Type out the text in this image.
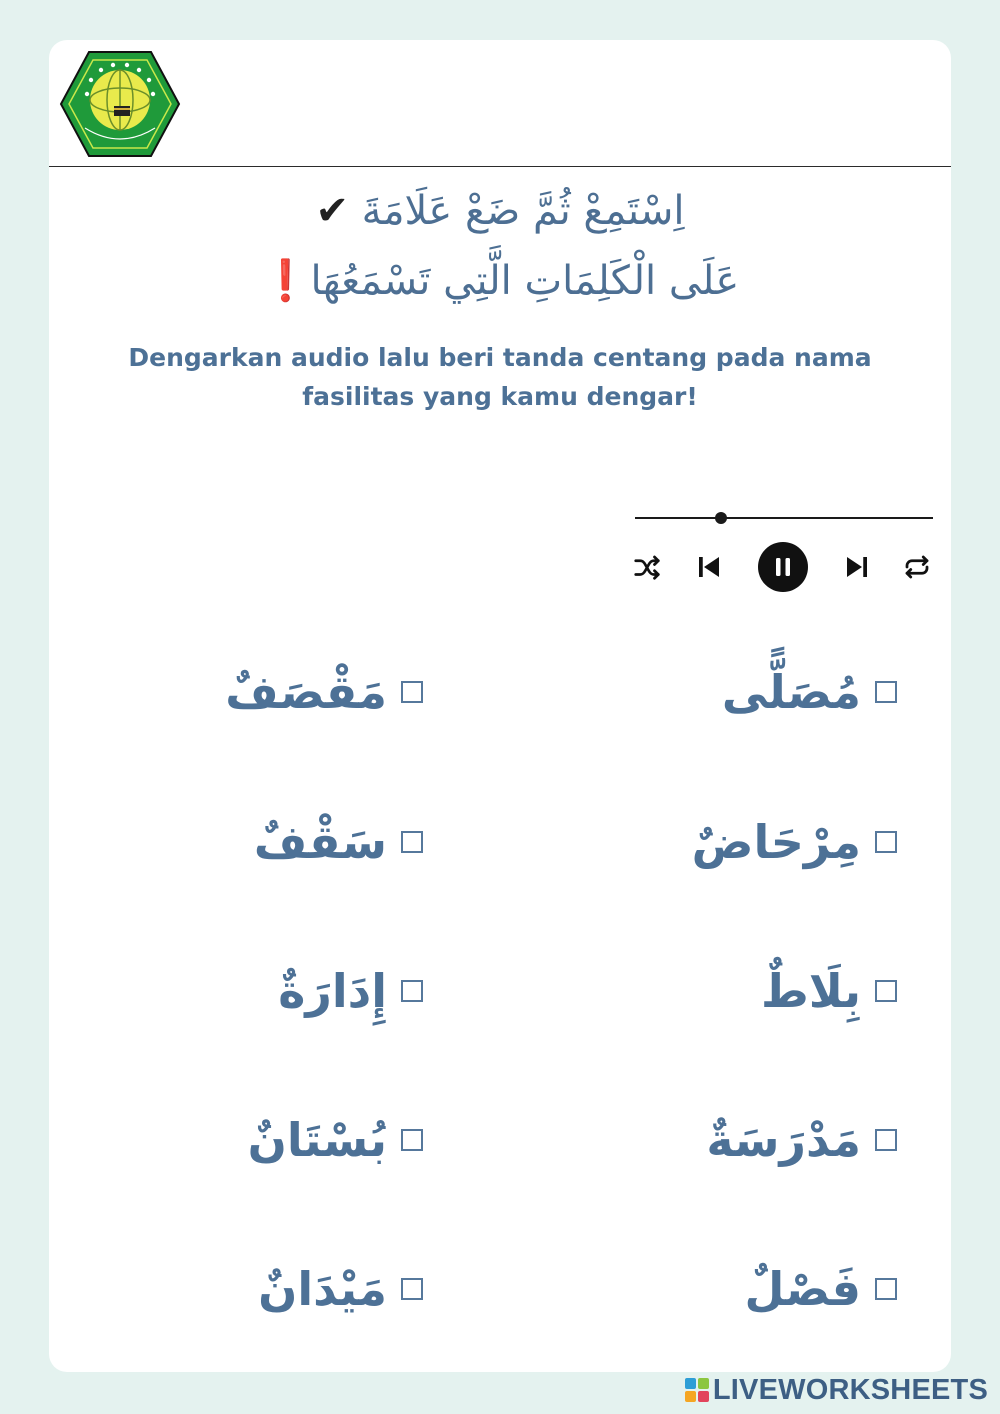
اِسْتَمِعْ ثُمَّ ضَعْ عَلَامَةَ ✔
عَلَى الْكَلِمَاتِ الَّتِي تَسْمَعُهَا❗
Dengarkan audio lalu beri tanda centang pada nama fasilitas yang kamu dengar!
مُصَلًّى
مِرْحَاضٌ
بِلَاطٌ
مَدْرَسَةٌ
فَصْلٌ
مَقْصَفٌ
سَقْفٌ
إِدَارَةٌ
بُسْتَانٌ
مَيْدَانٌ
LIVEWORKSHEETS
